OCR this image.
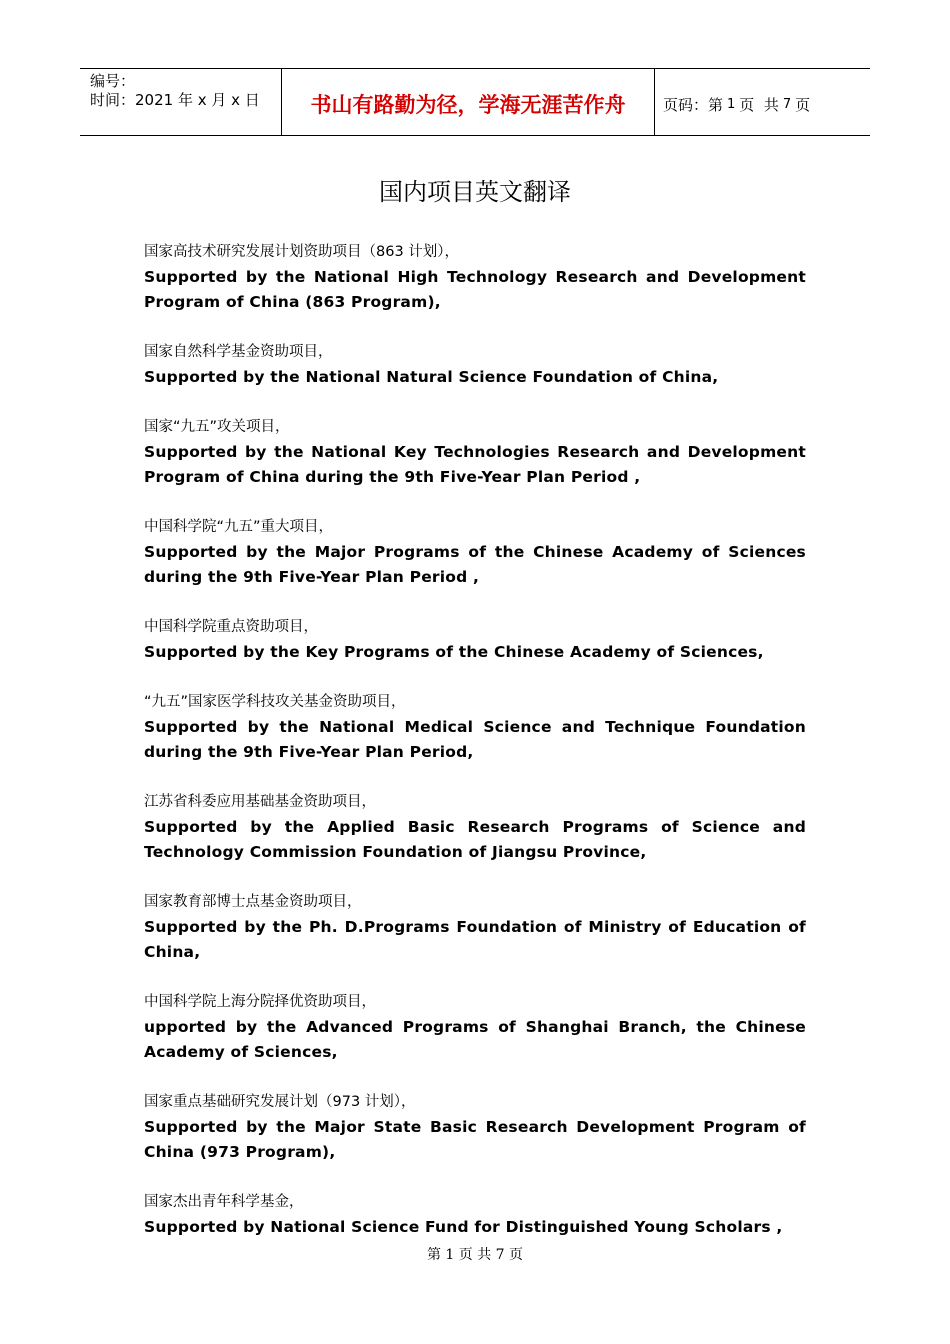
编号：
时间：2021 年 x 月 x 日	书山有路勤为径，学海无涯苦作舟	页码：第 1 页  共 7 页
国内项目英文翻译
国家高技术研究发展计划资助项目（863 计划），
Supported by the National High Technology Research and Development Program of China (863 Program),
国家自然科学基金资助项目，
Supported by the National Natural Science Foundation of China,
国家“九五”攻关项目，
Supported by the National Key Technologies Research and Development Program of China during the 9th Five-Year Plan Period ,
中国科学院“九五”重大项目，
Supported by the Major Programs of the Chinese Academy of Sciences during the 9th Five-Year Plan Period ,
中国科学院重点资助项目，
Supported by the Key Programs of the Chinese Academy of Sciences,
“九五”国家医学科技攻关基金资助项目，
Supported by the National Medical Science and Technique Foundation during the 9th Five-Year Plan Period,
江苏省科委应用基础基金资助项目，
Supported by the Applied Basic Research Programs of Science and Technology Commission Foundation of Jiangsu Province,
国家教育部博士点基金资助项目，
Supported by the Ph. D.Programs Foundation of Ministry of Education of China,
中国科学院上海分院择优资助项目，
upported by the Advanced Programs of Shanghai Branch, the Chinese Academy of Sciences,
国家重点基础研究发展计划（973 计划），
Supported by the Major State Basic Research Development Program of China (973 Program),
国家杰出青年科学基金，
Supported by National Science Fund for Distinguished Young Scholars ,
第 1 页 共 7 页
